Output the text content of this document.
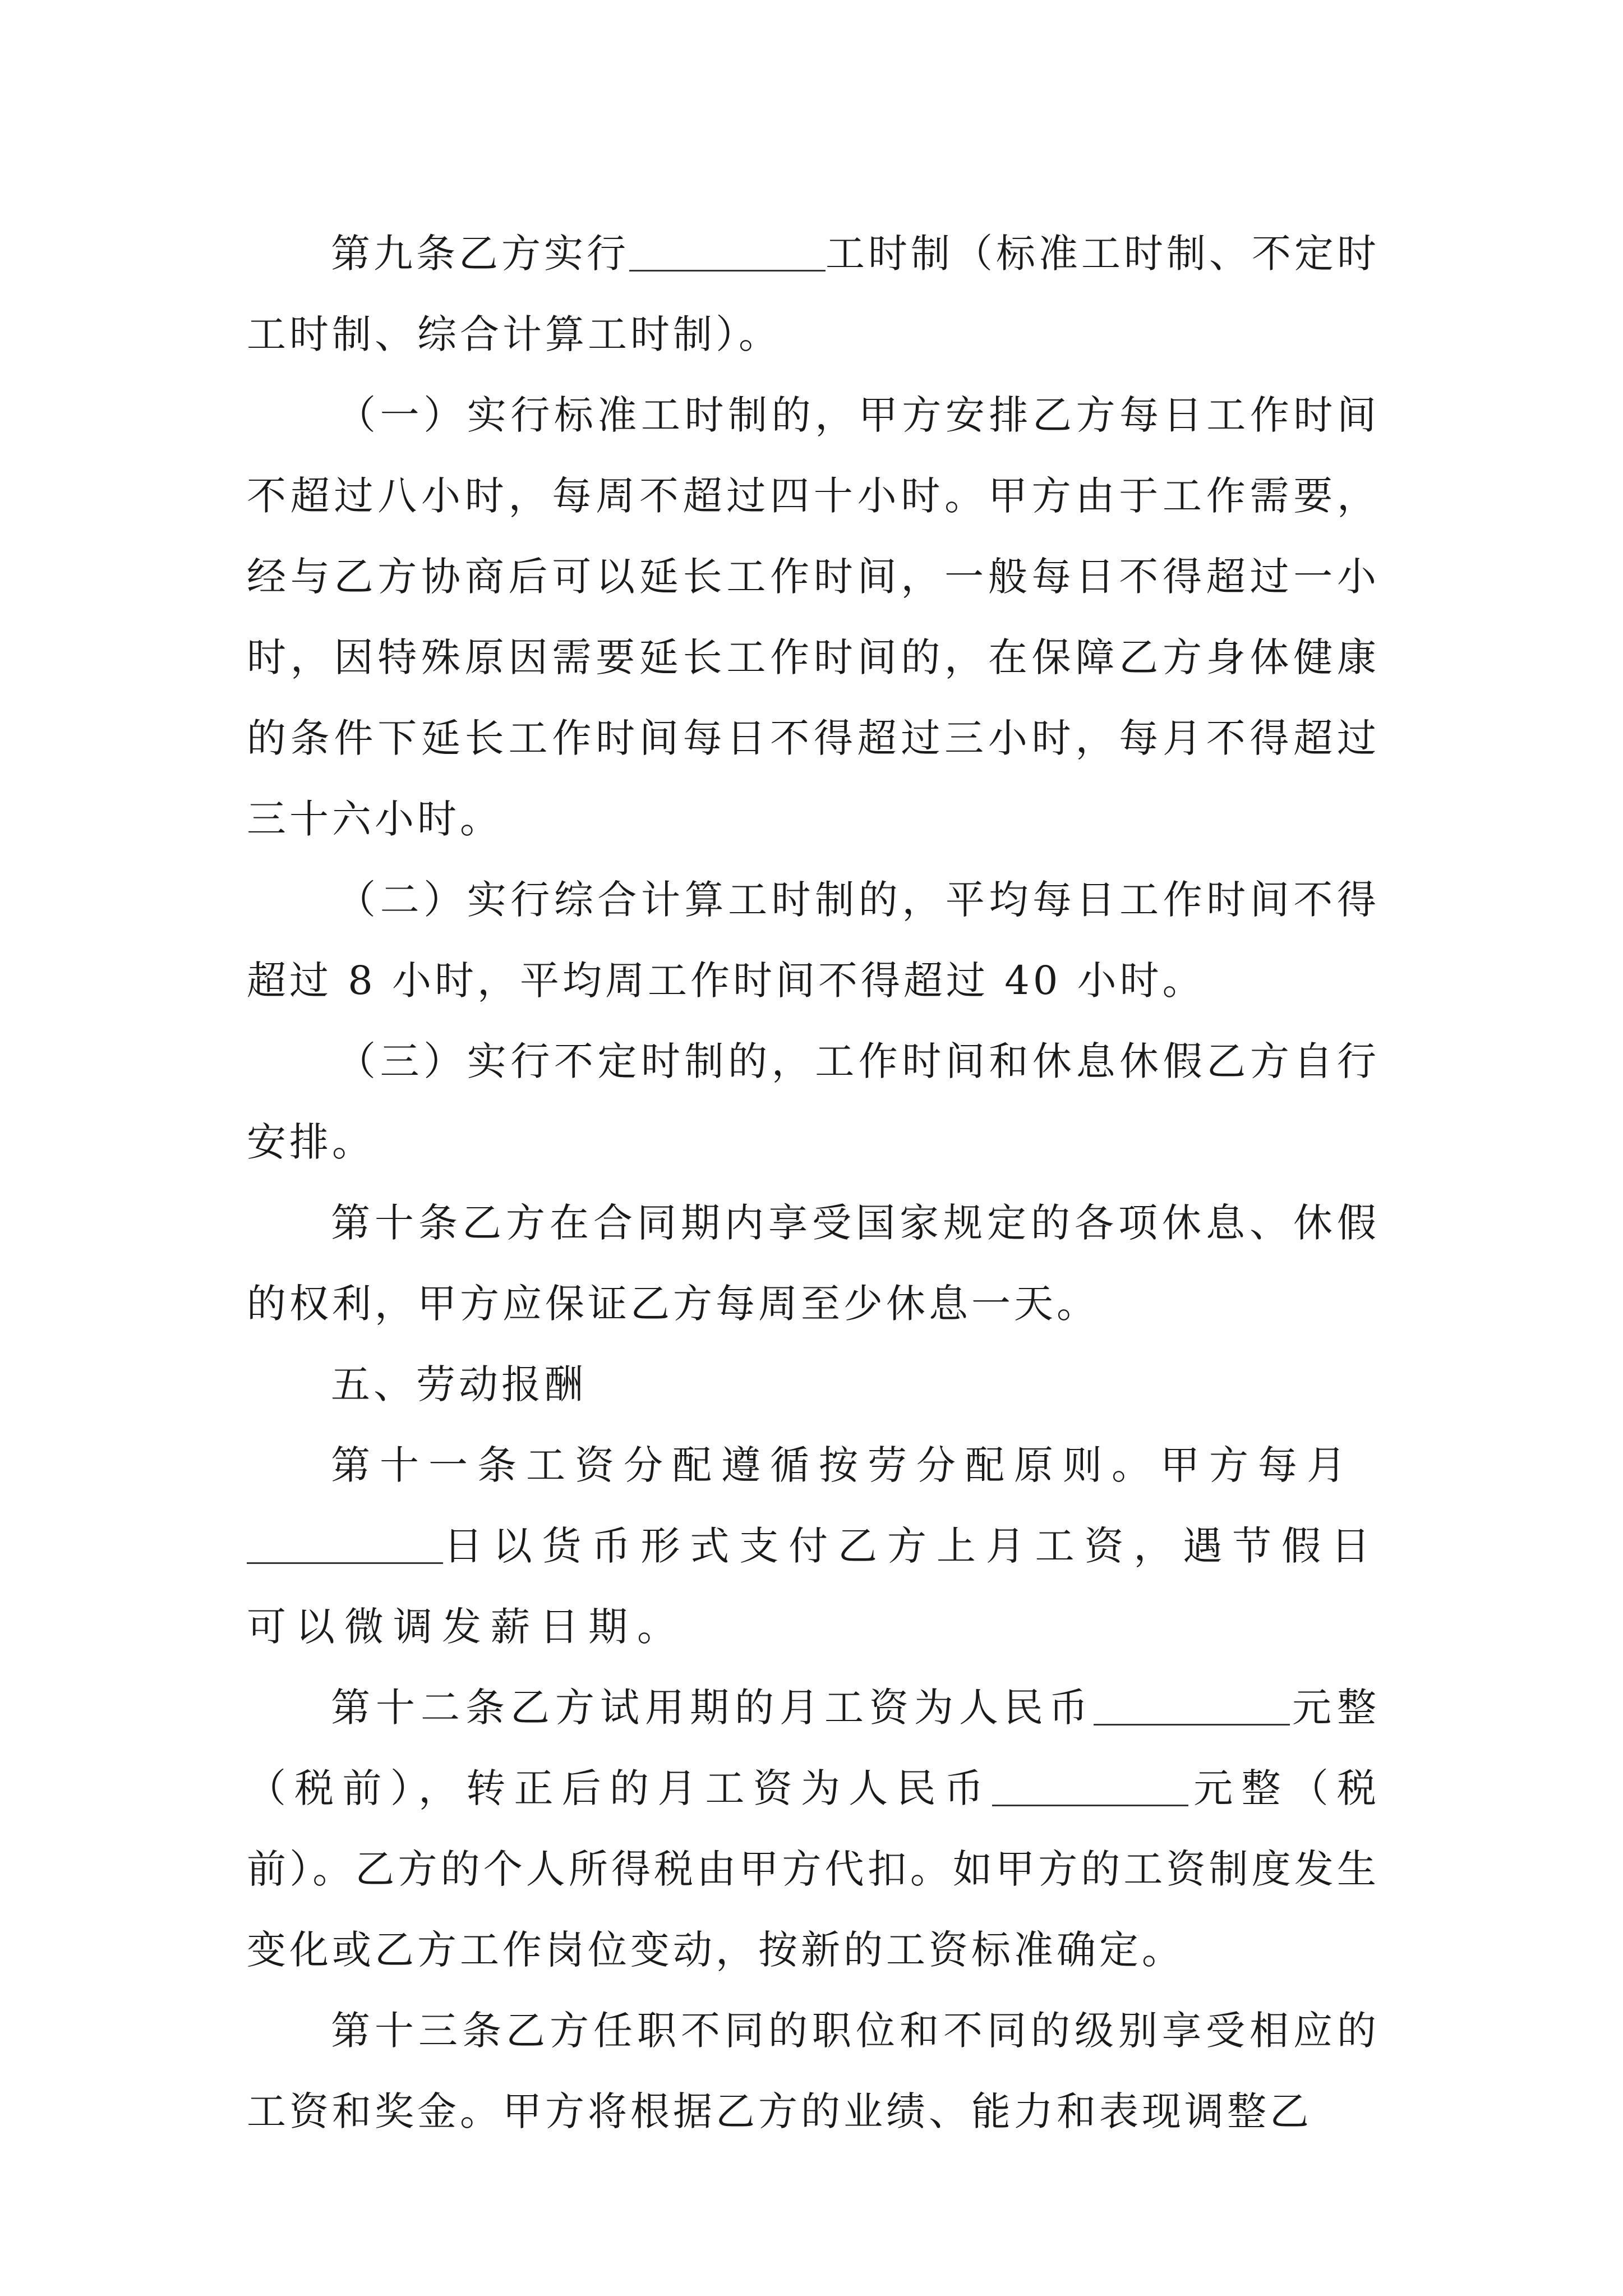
第九条乙方实行	工时制（标准工时制、不定时工时制、综合计算工时制）。

（一）实行标准工时制的，甲方安排乙方每日工作时间不超过八小时，每周不超过四十小时。甲方由于工作需要，经与乙方协商后可以延长工作时间，一般每日不得超过一小时，因特殊原因需要延长工作时间的，在保障乙方身体健康的条件下延长工作时间每日不得超过三小时，每月不得超过三十六小时。

（二）实行综合计算工时制的，平均每日工作时间不得超过 8 小时，平均周工作时间不得超过 40 小时。

（三）实行不定时制的，工作时间和休息休假乙方自行安排。

第十条乙方在合同期内享受国家规定的各项休息、休假的权利，甲方应保证乙方每周至少休息一天。

五、劳动报酬

第十一条工资分配遵循按劳分配原则。甲方每月
日以货币形式支付乙方上月工资，遇节假日可以微调发薪日期。

第十二条乙方试用期的月工资为人民币	元整（税前），转正后的月工资为人民币	元整（税前）。乙方的个人所得税由甲方代扣。如甲方的工资制度发生变化或乙方工作岗位变动，按新的工资标准确定。

第十三条乙方任职不同的职位和不同的级别享受相应的工资和奖金。甲方将根据乙方的业绩、能力和表现调整乙
